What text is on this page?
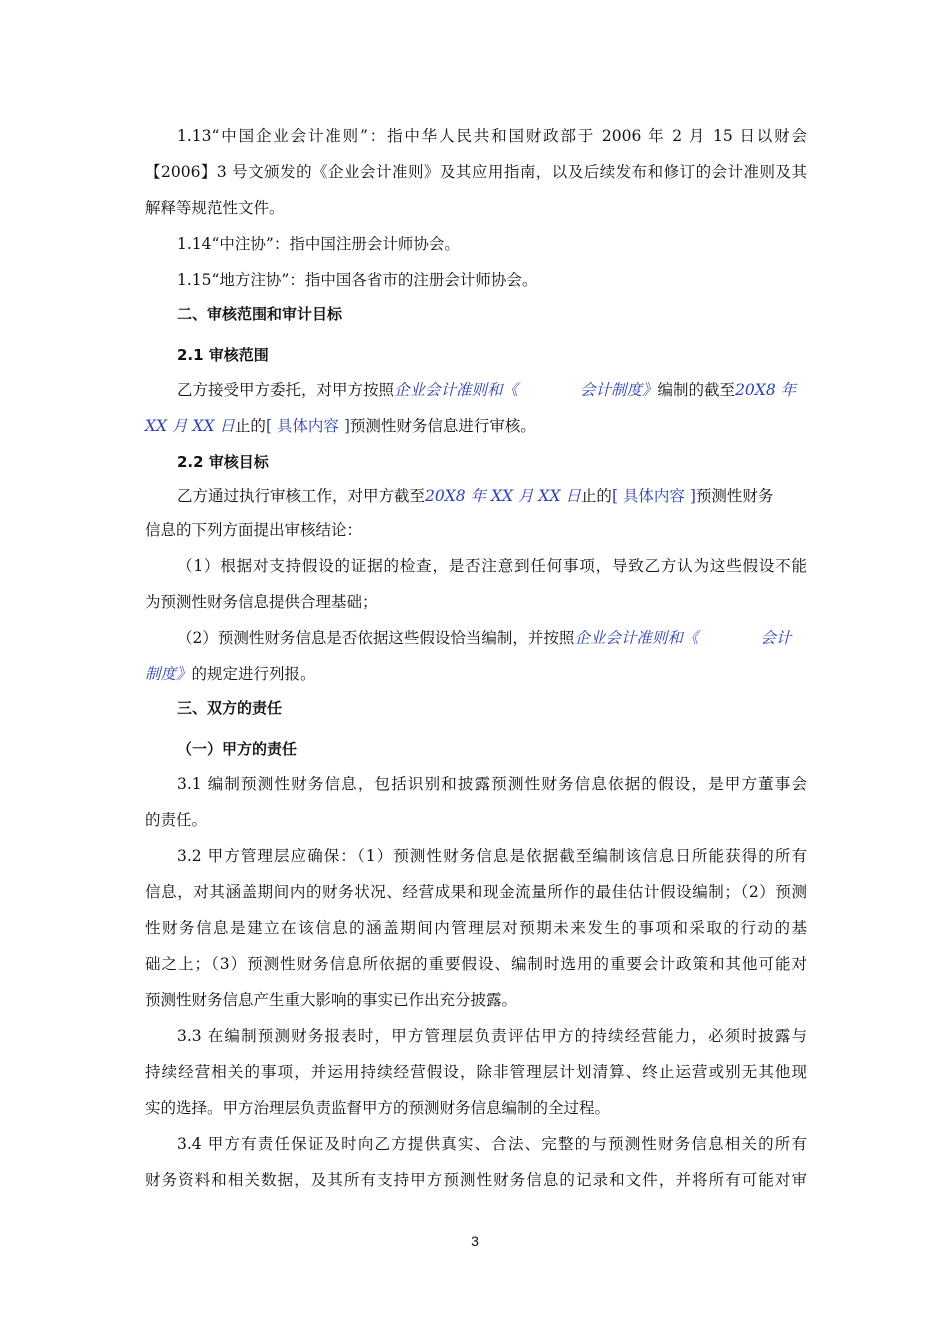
1.13“中国企业会计准则”：指中华人民共和国财政部于 2006 年 2 月 15 日以财会
【2006】3 号文颁发的《企业会计准则》及其应用指南，以及后续发布和修订的会计准则及其
解释等规范性文件。
1.14“中注协”：指中国注册会计师协会。
1.15“地方注协”：指中国各省市的注册会计师协会。
二、审核范围和审计目标
2.1 审核范围
乙方接受甲方委托，对甲方按照企业会计准则和《	会计制度》编制的截至20X8 年
XX 月 XX 日止的[ 具体内容 ]预测性财务信息进行审核。
2.2 审核目标
乙方通过执行审核工作，对甲方截至20X8 年 XX 月 XX 日止的[ 具体内容 ]预测性财务
信息的下列方面提出审核结论：
（1）根据对支持假设的证据的检查，是否注意到任何事项，导致乙方认为这些假设不能
为预测性财务信息提供合理基础；
（2）预测性财务信息是否依据这些假设恰当编制，并按照企业会计准则和《	会计
制度》的规定进行列报。
三、双方的责任
（一）甲方的责任
3.1 编制预测性财务信息，包括识别和披露预测性财务信息依据的假设，是甲方董事会
的责任。
3.2 甲方管理层应确保：（1）预测性财务信息是依据截至编制该信息日所能获得的所有
信息，对其涵盖期间内的财务状况、经营成果和现金流量所作的最佳估计假设编制；（2）预测
性财务信息是建立在该信息的涵盖期间内管理层对预期未来发生的事项和采取的行动的基
础之上；（3）预测性财务信息所依据的重要假设、编制时选用的重要会计政策和其他可能对
预测性财务信息产生重大影响的事实已作出充分披露。
3.3 在编制预测财务报表时，甲方管理层负责评估甲方的持续经营能力，必须时披露与
持续经营相关的事项，并运用持续经营假设，除非管理层计划清算、终止运营或别无其他现
实的选择。甲方治理层负责监督甲方的预测财务信息编制的全过程。
3.4 甲方有责任保证及时向乙方提供真实、合法、完整的与预测性财务信息相关的所有
财务资料和相关数据，及其所有支持甲方预测性财务信息的记录和文件，并将所有可能对审
3
